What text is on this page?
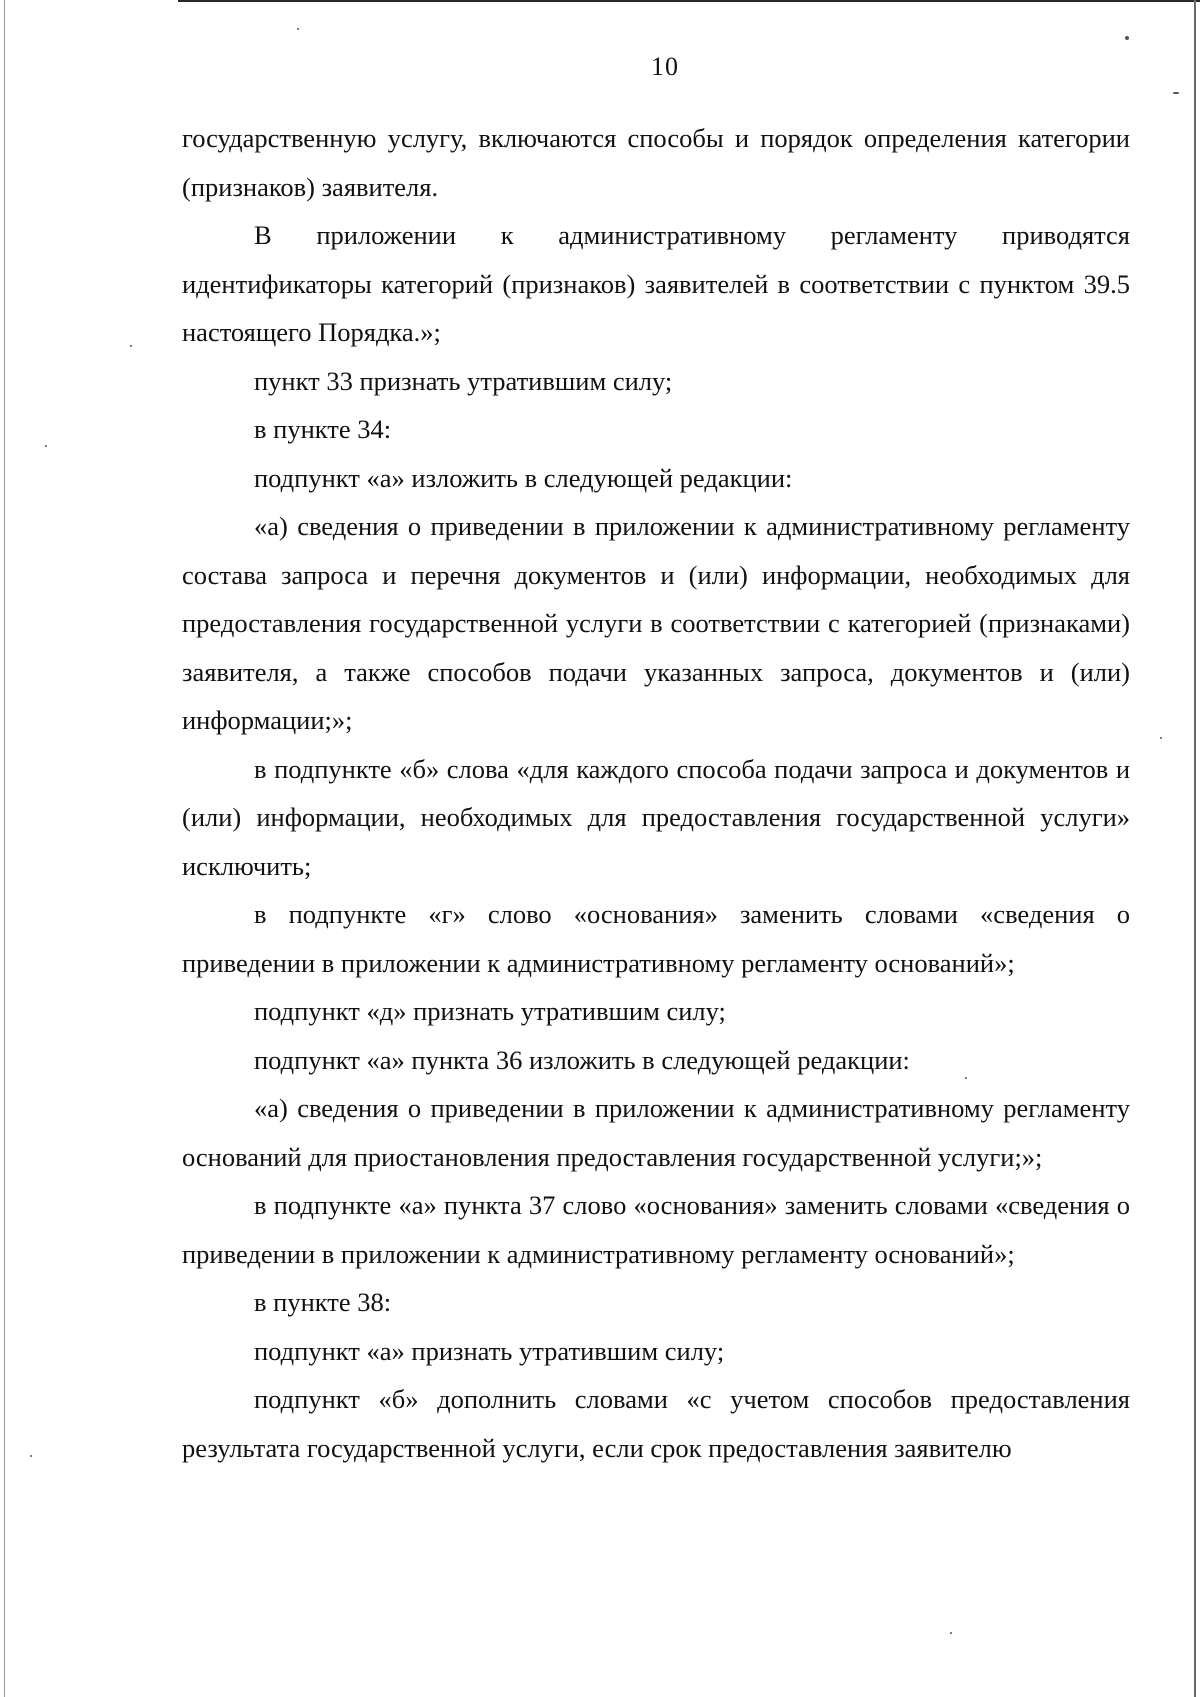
10

государственную услугу, включаются способы и порядок определения категории (признаков) заявителя.

В приложении к административному регламенту приводятся идентификаторы категорий (признаков) заявителей в соответствии с пунктом 39.5 настоящего Порядка.»;

пункт 33 признать утратившим силу;

в пункте 34:

подпункт «а» изложить в следующей редакции:

«а) сведения о приведении в приложении к административному регламенту состава запроса и перечня документов и (или) информации, необходимых для предоставления государственной услуги в соответствии с категорией (признаками) заявителя, а также способов подачи указанных запроса, документов и (или) информации;»;

в подпункте «б» слова «для каждого способа подачи запроса и документов и (или) информации, необходимых для предоставления государственной услуги» исключить;

в подпункте «г» слово «основания» заменить словами «сведения о приведении в приложении к административному регламенту оснований»;

подпункт «д» признать утратившим силу;

подпункт «а» пункта 36 изложить в следующей редакции:

«а) сведения о приведении в приложении к административному регламенту оснований для приостановления предоставления государственной услуги;»;

в подпункте «а» пункта 37 слово «основания» заменить словами «сведения о приведении в приложении к административному регламенту оснований»;

в пункте 38:

подпункт «а» признать утратившим силу;

подпункт «б» дополнить словами «с учетом способов предоставления результата государственной услуги, если срок предоставления заявителю
